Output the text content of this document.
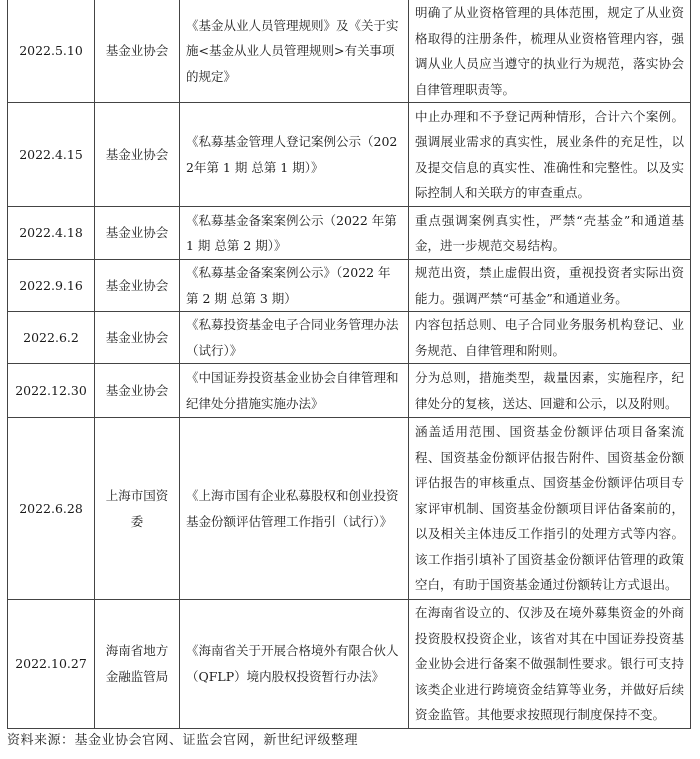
2022.5.10	基金业协会	《基金从业人员管理规则》及《关于实施<基金从业人员管理规则>有关事项的规定》	明确了从业资格管理的具体范围，规定了从业资格取得的注册条件，梳理从业资格管理内容，强调从业人员应当遵守的执业行为规范，落实协会自律管理职责等。
2022.4.15	基金业协会	《私募基金管理人登记案例公示（2022年第 1 期 总第 1 期）》	中止办理和不予登记两种情形，合计六个案例。强调展业需求的真实性，展业条件的充足性，以及提交信息的真实性、准确性和完整性。以及实际控制人和关联方的审查重点。
2022.4.18	基金业协会	《私募基金备案案例公示（2022 年第 1 期 总第 2 期）》	重点强调案例真实性，严禁“壳基金”和通道基金，进一步规范交易结构。
2022.9.16	基金业协会	《私募基金备案案例公示》（2022 年第 2 期 总第 3 期）	规范出资，禁止虚假出资，重视投资者实际出资能力。强调严禁“可基金”和通道业务。
2022.6.2	基金业协会	《私募投资基金电子合同业务管理办法（试行）》	内容包括总则、电子合同业务服务机构登记、业务规范、自律管理和附则。
2022.12.30	基金业协会	《中国证券投资基金业协会自律管理和纪律处分措施实施办法》	分为总则，措施类型，裁量因素，实施程序，纪律处分的复核，送达、回避和公示，以及附则。
2022.6.28	上海市国资委	《上海市国有企业私募股权和创业投资基金份额评估管理工作指引（试行）》	涵盖适用范围、国资基金份额评估项目备案流程、国资基金份额评估报告附件、国资基金份额评估报告的审核重点、国资基金份额评估项目专家评审机制、国资基金份额项目评估备案前的，以及相关主体违反工作指引的处理方式等内容。该工作指引填补了国资基金份额评估管理的政策空白，有助于国资基金通过份额转让方式退出。
2022.10.27	海南省地方金融监管局	《海南省关于开展合格境外有限合伙人（QFLP）境内股权投资暂行办法》	在海南省设立的、仅涉及在境外募集资金的外商投资股权投资企业，该省对其在中国证券投资基金业协会进行备案不做强制性要求。银行可支持该类企业进行跨境资金结算等业务，并做好后续资金监管。其他要求按照现行制度保持不变。
资料来源：基金业协会官网、证监会官网，新世纪评级整理
